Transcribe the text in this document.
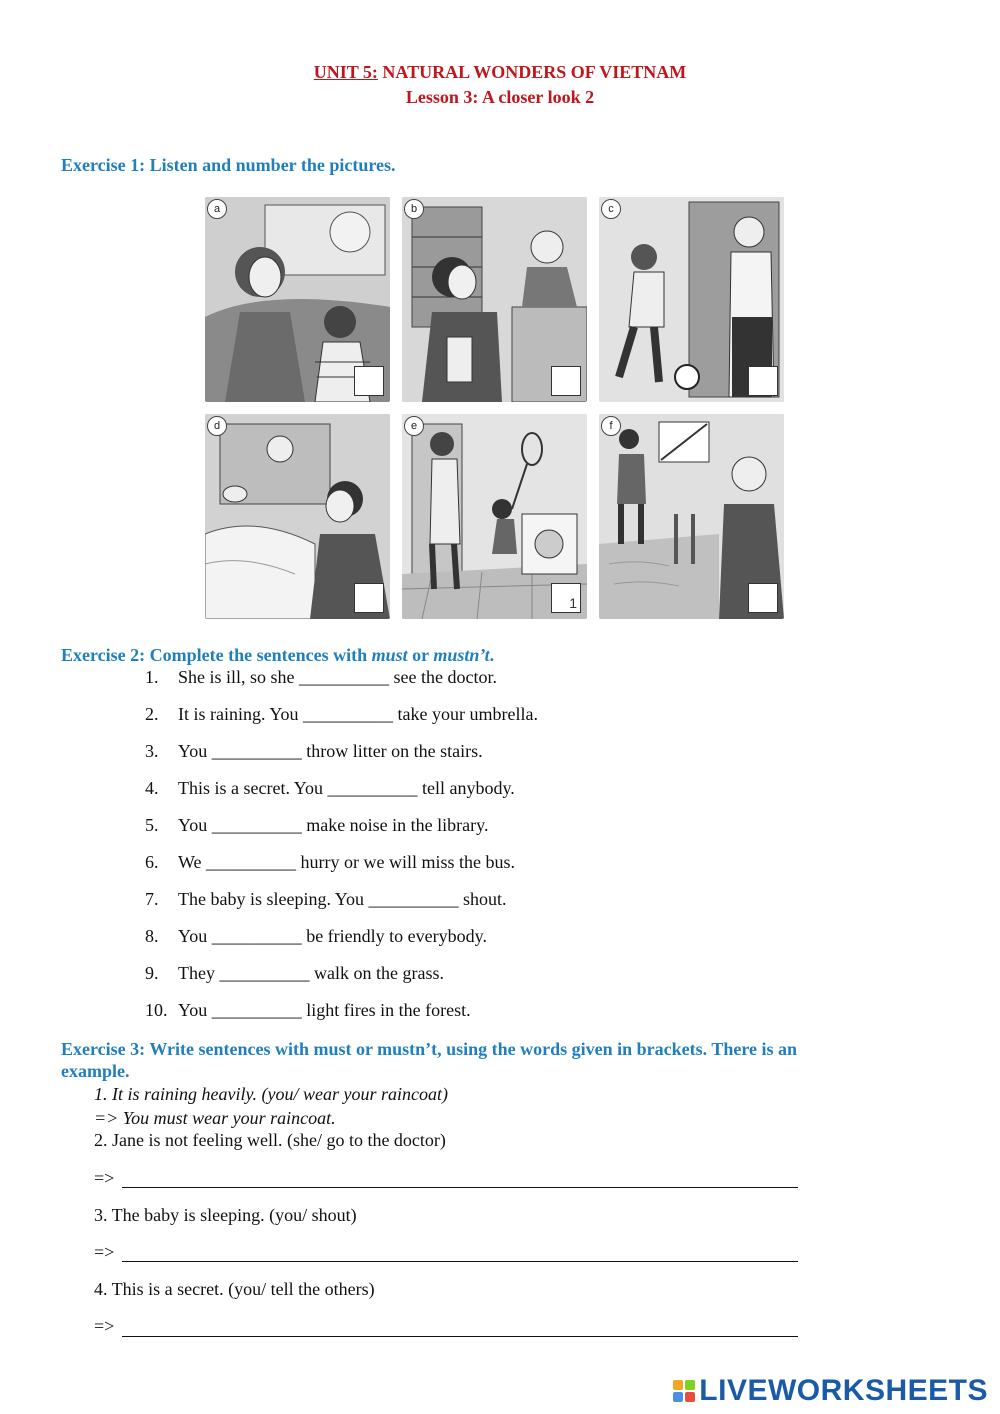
UNIT 5: NATURAL WONDERS OF VIETNAM
Lesson 3: A closer look 2
Exercise 1: Listen and number the pictures.
a	b	c
d	e
1
f
Exercise 2: Complete the sentences with must or mustn’t.
1. She is ill, so she __________ see the doctor.
2. It is raining. You __________ take your umbrella.
3. You __________ throw litter on the stairs.
4. This is a secret. You __________ tell anybody.
5. You __________ make noise in the library.
6. We __________ hurry or we will miss the bus.
7. The baby is sleeping. You __________ shout.
8. You __________ be friendly to everybody.
9. They __________ walk on the grass.
10. You __________ light fires in the forest.
Exercise 3: Write sentences with must or mustn’t, using the words given in brackets. There is an
example.
1. It is raining heavily. (you/ wear your raincoat)
=> You must wear your raincoat.
2. Jane is not feeling well. (she/ go to the doctor)
=>
3. The baby is sleeping. (you/ shout)
=>
4. This is a secret. (you/ tell the others)
=>
LIVEWORKSHEETS
